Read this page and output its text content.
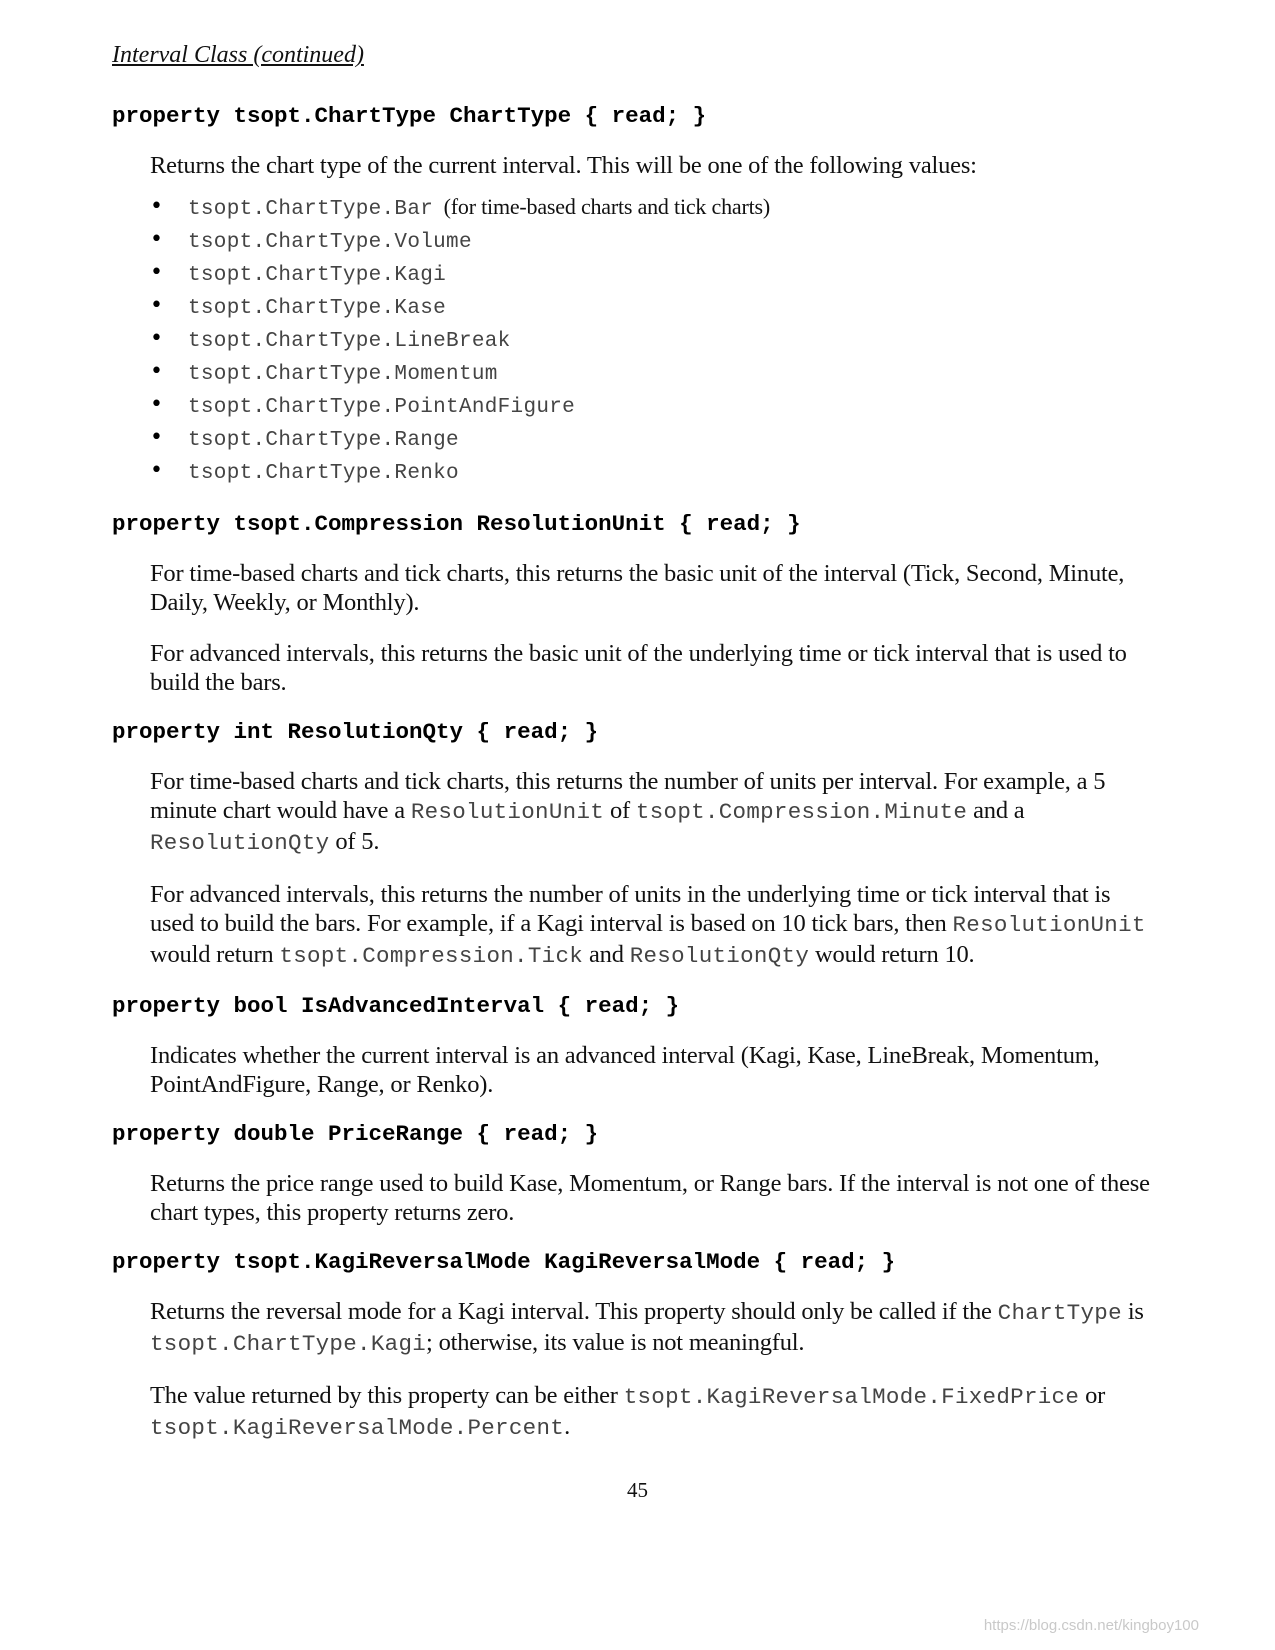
Interval Class (continued)
property tsopt.ChartType ChartType { read; }

Returns the chart type of the current interval. This will be one of the following values:

• tsopt.ChartType.Bar (for time-based charts and tick charts)
• tsopt.ChartType.Volume
• tsopt.ChartType.Kagi
• tsopt.ChartType.Kase
• tsopt.ChartType.LineBreak
• tsopt.ChartType.Momentum
• tsopt.ChartType.PointAndFigure
• tsopt.ChartType.Range
• tsopt.ChartType.Renko
property tsopt.Compression ResolutionUnit { read; }

For time-based charts and tick charts, this returns the basic unit of the interval (Tick, Second, Minute, Daily, Weekly, or Monthly).

For advanced intervals, this returns the basic unit of the underlying time or tick interval that is used to build the bars.

property int ResolutionQty { read; }

For time-based charts and tick charts, this returns the number of units per interval. For example, a 5 minute chart would have a ResolutionUnit of tsopt.Compression.Minute and a ResolutionQty of 5.

For advanced intervals, this returns the number of units in the underlying time or tick interval that is used to build the bars. For example, if a Kagi interval is based on 10 tick bars, then ResolutionUnit would return tsopt.Compression.Tick and ResolutionQty would return 10.

property bool IsAdvancedInterval { read; }

Indicates whether the current interval is an advanced interval (Kagi, Kase, LineBreak, Momentum, PointAndFigure, Range, or Renko).

property double PriceRange { read; }

Returns the price range used to build Kase, Momentum, or Range bars. If the interval is not one of these chart types, this property returns zero.

property tsopt.KagiReversalMode KagiReversalMode { read; }

Returns the reversal mode for a Kagi interval. This property should only be called if the ChartType is tsopt.ChartType.Kagi; otherwise, its value is not meaningful.

The value returned by this property can be either tsopt.KagiReversalMode.FixedPrice or tsopt.KagiReversalMode.Percent.

45
https://blog.csdn.net/kingboy100
